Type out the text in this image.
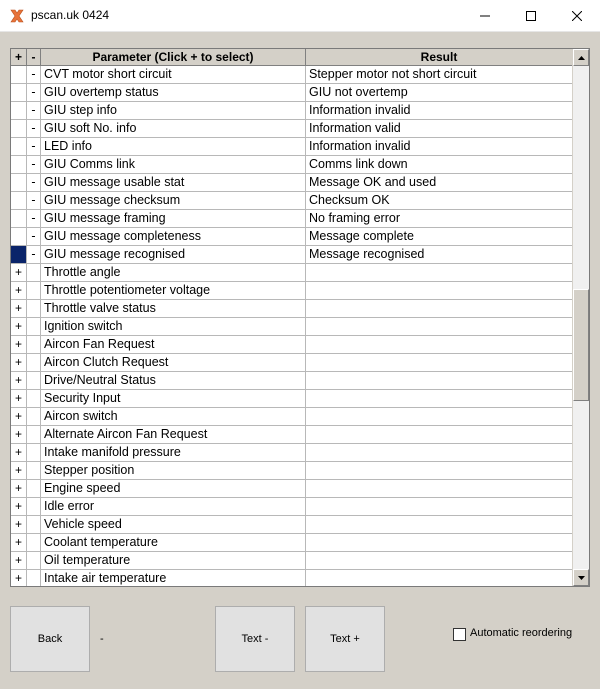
pscan.uk 0424
+ -	Parameter (Click + to select)	Result
- CVT motor short circuit	Stepper motor not short circuit
- GIU overtemp status	GIU not overtemp
- GIU step info	Information invalid
- GIU soft No. info	Information valid
- LED info	Information invalid
- GIU Comms link	Comms link down
- GIU message usable stat	Message OK and used
- GIU message checksum	Checksum OK
- GIU message framing	No framing error
- GIU message completeness	Message complete
- GIU message recognised	Message recognised
+	Throttle angle
+	Throttle potentiometer voltage
+	Throttle valve status
+	Ignition switch
+	Aircon Fan Request
+	Aircon Clutch Request
+	Drive/Neutral Status
+	Security Input
+	Aircon switch
+	Alternate Aircon Fan Request
+	Intake manifold pressure
+	Stepper position
+	Engine speed
+	Idle error
+	Vehicle speed
+	Coolant temperature
+	Oil temperature
+	Intake air temperature
Back	-	Text -	Text +	Automatic reordering
